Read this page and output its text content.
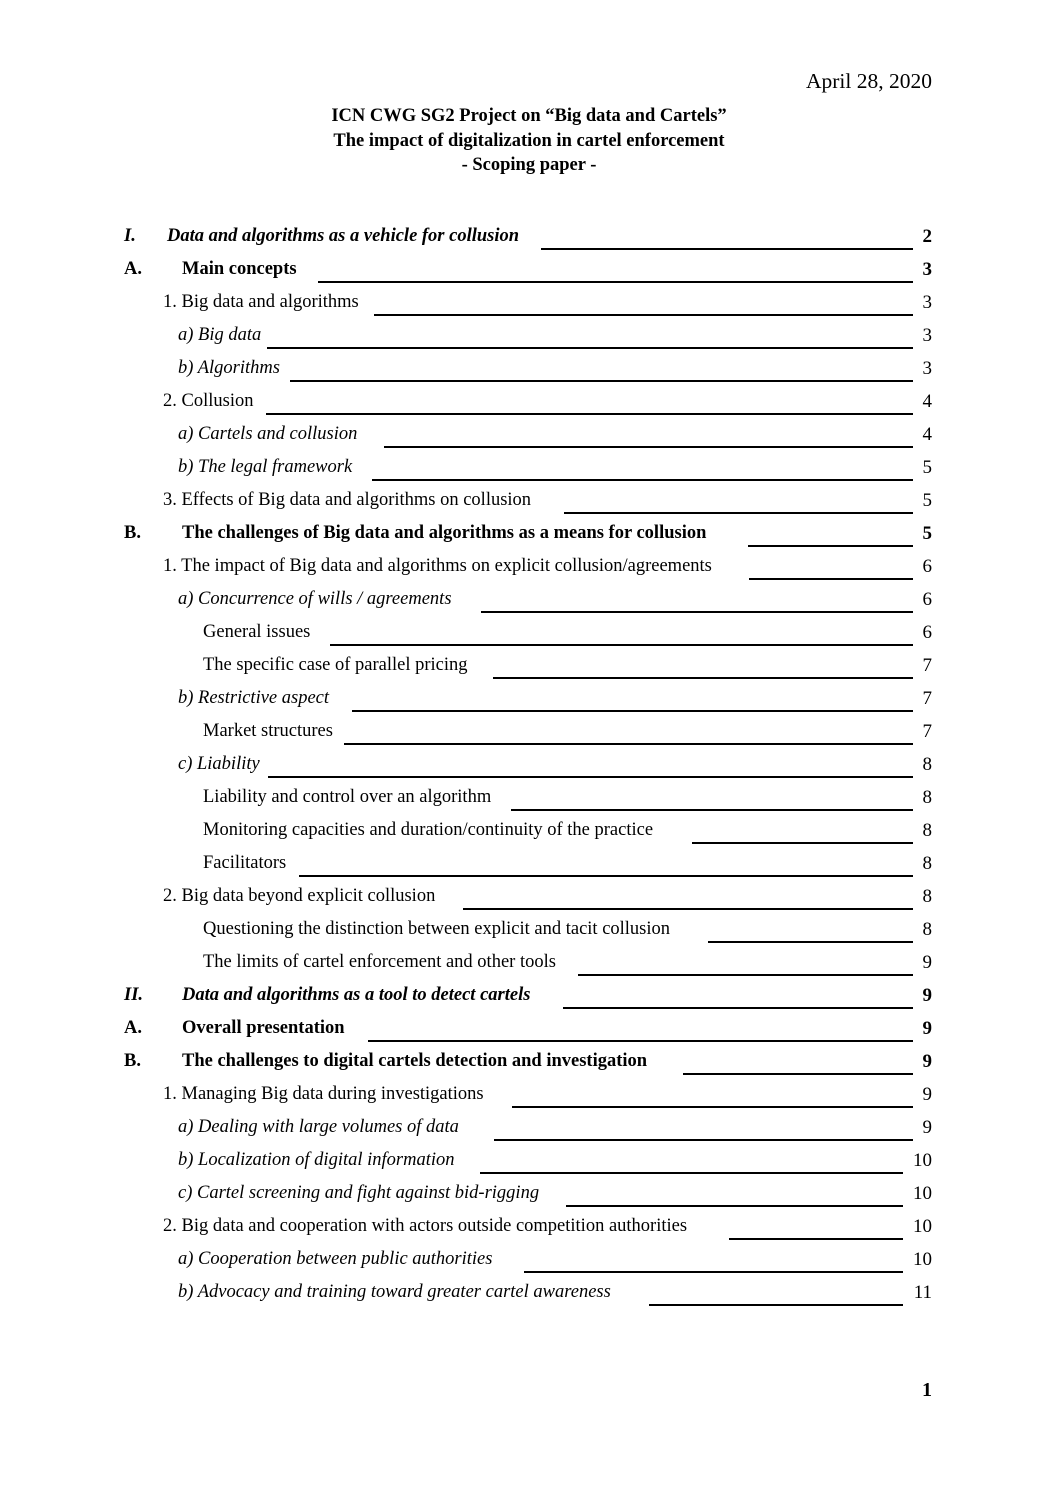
April 28, 2020
ICN CWG SG2 Project on “Big data and Cartels”
The impact of digitalization in cartel enforcement
- Scoping paper -
I. Data and algorithms as a vehicle for collusion	2
A. Main concepts	3
1. Big data and algorithms	3
a) Big data	3
b) Algorithms	3
2. Collusion	4
a) Cartels and collusion	4
b) The legal framework	5
3. Effects of Big data and algorithms on collusion	5
B. The challenges of Big data and algorithms as a means for collusion	5
1. The impact of Big data and algorithms on explicit collusion/agreements	6
a) Concurrence of wills / agreements	6
General issues	6
The specific case of parallel pricing	7
b) Restrictive aspect	7
Market structures	7
c) Liability	8
Liability and control over an algorithm	8
Monitoring capacities and duration/continuity of the practice	8
Facilitators	8
2. Big data beyond explicit collusion	8
Questioning the distinction between explicit and tacit collusion	8
The limits of cartel enforcement and other tools	9
II. Data and algorithms as a tool to detect cartels	9
A. Overall presentation	9
B. The challenges to digital cartels detection and investigation	9
1. Managing Big data during investigations	9
a) Dealing with large volumes of data	9
b) Localization of digital information	10
c) Cartel screening and fight against bid-rigging	10
2. Big data and cooperation with actors outside competition authorities	10
a) Cooperation between public authorities	10
b) Advocacy and training toward greater cartel awareness	11
1
